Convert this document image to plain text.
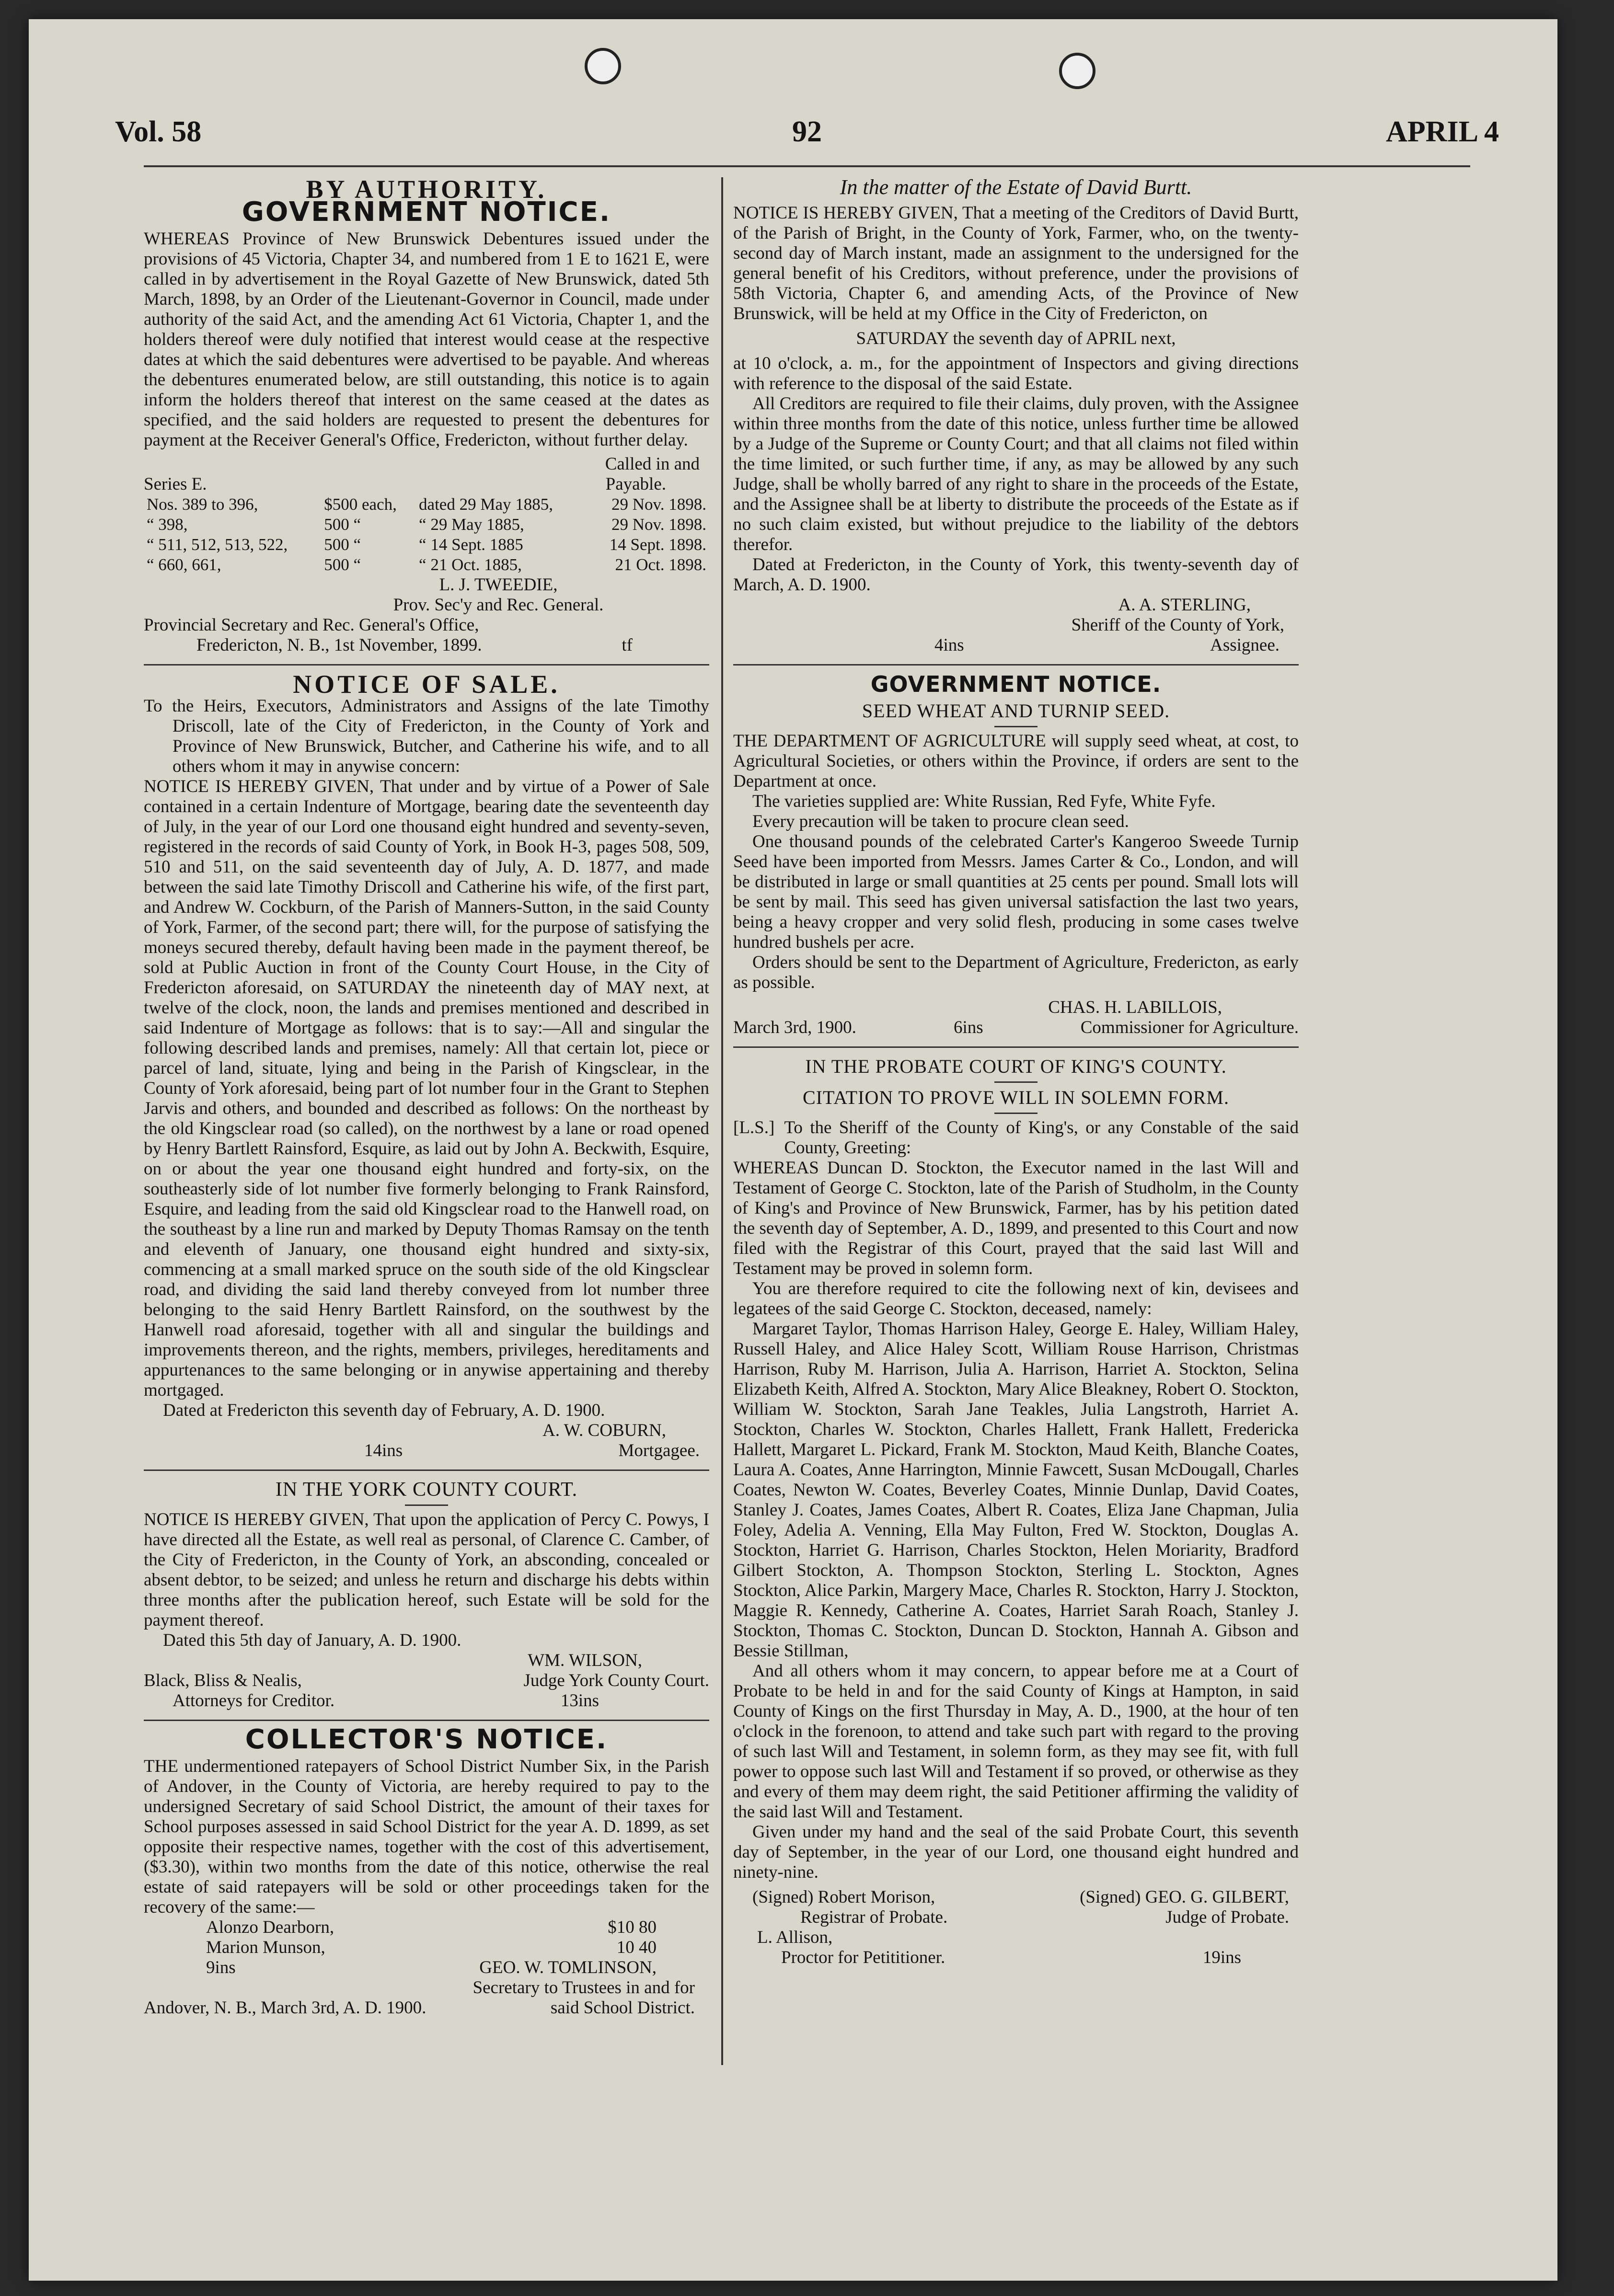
Vol. 58	92	APRIL 4
BY AUTHORITY.
GOVERNMENT NOTICE.

WHEREAS Province of New Brunswick Debentures issued under the provisions of 45 Victoria, Chapter 34, and numbered from 1 E to 1621 E, were called in by advertisement in the Royal Gazette of New Brunswick, dated 5th March, 1898, by an Order of the Lieutenant-Governor in Council, made under authority of the said Act, and the amending Act 61 Victoria, Chapter 1, and the holders thereof were duly notified that interest would cease at the respective dates at which the said debentures were advertised to be payable. And whereas the debentures enumerated below, are still outstanding, this notice is to again inform the holders thereof that interest on the same ceased at the dates as specified, and the said holders are requested to present the debentures for payment at the Receiver General's Office, Fredericton, without further delay.

Called in and
Series E.	Payable.
Nos. 389 to 396,	$500 each,	dated 29 May 1885,	29 Nov. 1898.
“ 398,	500 “	“ 29 May 1885,	29 Nov. 1898.
“ 511, 512, 513, 522,	500 “	“ 14 Sept. 1885	14 Sept. 1898.
“ 660, 661,	500 “	“ 21 Oct. 1885,	21 Oct. 1898.
L. J. TWEEDIE,
Prov. Sec'y and Rec. General.
Provincial Secretary and Rec. General's Office,
Fredericton, N. B., 1st November, 1899.	tf
NOTICE OF SALE.

To the Heirs, Executors, Administrators and Assigns of the late Timothy Driscoll, late of the City of Fredericton, in the County of York and Province of New Brunswick, Butcher, and Catherine his wife, and to all others whom it may in anywise concern:

NOTICE IS HEREBY GIVEN, That under and by virtue of a Power of Sale contained in a certain Indenture of Mortgage, bearing date the seventeenth day of July, in the year of our Lord one thousand eight hundred and seventy-seven, registered in the records of said County of York, in Book H-3, pages 508, 509, 510 and 511, on the said seventeenth day of July, A. D. 1877, and made between the said late Timothy Driscoll and Catherine his wife, of the first part, and Andrew W. Cockburn, of the Parish of Manners-Sutton, in the said County of York, Farmer, of the second part; there will, for the purpose of satisfying the moneys secured thereby, default having been made in the payment thereof, be sold at Public Auction in front of the County Court House, in the City of Fredericton aforesaid, on SATURDAY the nineteenth day of MAY next, at twelve of the clock, noon, the lands and premises mentioned and described in said Indenture of Mortgage as follows: that is to say:—All and singular the following described lands and premises, namely: All that certain lot, piece or parcel of land, situate, lying and being in the Parish of Kingsclear, in the County of York aforesaid, being part of lot number four in the Grant to Stephen Jarvis and others, and bounded and described as follows: On the northeast by the old Kingsclear road (so called), on the northwest by a lane or road opened by Henry Bartlett Rainsford, Esquire, as laid out by John A. Beckwith, Esquire, on or about the year one thousand eight hundred and forty-six, on the southeasterly side of lot number five formerly belonging to Frank Rainsford, Esquire, and leading from the said old Kingsclear road to the Hanwell road, on the southeast by a line run and marked by Deputy Thomas Ramsay on the tenth and eleventh of January, one thousand eight hundred and sixty-six, commencing at a small marked spruce on the south side of the old Kingsclear road, and dividing the said land thereby conveyed from lot number three belonging to the said Henry Bartlett Rainsford, on the southwest by the Hanwell road aforesaid, together with all and singular the buildings and improvements thereon, and the rights, members, privileges, hereditaments and appurtenances to the same belonging or in anywise appertaining and thereby mortgaged.

Dated at Fredericton this seventh day of February, A. D. 1900.

A. W. COBURN,
14ins	Mortgagee.
IN THE YORK COUNTY COURT.

NOTICE IS HEREBY GIVEN, That upon the application of Percy C. Powys, I have directed all the Estate, as well real as personal, of Clarence C. Camber, of the City of Fredericton, in the County of York, an absconding, concealed or absent debtor, to be seized; and unless he return and discharge his debts within three months after the publication hereof, such Estate will be sold for the payment thereof.

Dated this 5th day of January, A. D. 1900.

WM. WILSON,
Black, Bliss & Nealis,	Judge York County Court.
Attorneys for Creditor.	13ins
COLLECTOR'S NOTICE.

THE undermentioned ratepayers of School District Number Six, in the Parish of Andover, in the County of Victoria, are hereby required to pay to the undersigned Secretary of said School District, the amount of their taxes for School purposes assessed in said School District for the year A. D. 1899, as set opposite their respective names, together with the cost of this advertisement, ($3.30), within two months from the date of this notice, otherwise the real estate of said ratepayers will be sold or other proceedings taken for the recovery of the same:—

Alonzo Dearborn,	$10 80
Marion Munson,	10 40
9ins	GEO. W. TOMLINSON,
Secretary to Trustees in and for
Andover, N. B., March 3rd, A. D. 1900.	said School District.
In the matter of the Estate of David Burtt.

NOTICE IS HEREBY GIVEN, That a meeting of the Creditors of David Burtt, of the Parish of Bright, in the County of York, Farmer, who, on the twenty-second day of March instant, made an assignment to the undersigned for the general benefit of his Creditors, without preference, under the provisions of 58th Victoria, Chapter 6, and amending Acts, of the Province of New Brunswick, will be held at my Office in the City of Fredericton, on

SATURDAY the seventh day of APRIL next,

at 10 o'clock, a. m., for the appointment of Inspectors and giving directions with reference to the disposal of the said Estate.

All Creditors are required to file their claims, duly proven, with the Assignee within three months from the date of this notice, unless further time be allowed by a Judge of the Supreme or County Court; and that all claims not filed within the time limited, or such further time, if any, as may be allowed by any such Judge, shall be wholly barred of any right to share in the proceeds of the Estate, and the Assignee shall be at liberty to distribute the proceeds of the Estate as if no such claim existed, but without prejudice to the liability of the debtors therefor.

Dated at Fredericton, in the County of York, this twenty-seventh day of March, A. D. 1900.

A. A. STERLING,
Sheriff of the County of York,
4ins	Assignee.
GOVERNMENT NOTICE.
SEED WHEAT AND TURNIP SEED.

THE DEPARTMENT OF AGRICULTURE will supply seed wheat, at cost, to Agricultural Societies, or others within the Province, if orders are sent to the Department at once.

The varieties supplied are: White Russian, Red Fyfe, White Fyfe.

Every precaution will be taken to procure clean seed.

One thousand pounds of the celebrated Carter's Kangeroo Sweede Turnip Seed have been imported from Messrs. James Carter & Co., London, and will be distributed in large or small quantities at 25 cents per pound. Small lots will be sent by mail. This seed has given universal satisfaction the last two years, being a heavy cropper and very solid flesh, producing in some cases twelve hundred bushels per acre.

Orders should be sent to the Department of Agriculture, Fredericton, as early as possible.

CHAS. H. LABILLOIS,
March 3rd, 1900.	6ins	Commissioner for Agriculture.
IN THE PROBATE COURT OF KING'S COUNTY.
CITATION TO PROVE WILL IN SOLEMN FORM.
[L.S.] To the Sheriff of the County of King's, or any Constable of the said County, Greeting:

WHEREAS Duncan D. Stockton, the Executor named in the last Will and Testament of George C. Stockton, late of the Parish of Studholm, in the County of King's and Province of New Brunswick, Farmer, has by his petition dated the seventh day of September, A. D., 1899, and presented to this Court and now filed with the Registrar of this Court, prayed that the said last Will and Testament may be proved in solemn form.

You are therefore required to cite the following next of kin, devisees and legatees of the said George C. Stockton, deceased, namely:

Margaret Taylor, Thomas Harrison Haley, George E. Haley, William Haley, Russell Haley, and Alice Haley Scott, William Rouse Harrison, Christmas Harrison, Ruby M. Harrison, Julia A. Harrison, Harriet A. Stockton, Selina Elizabeth Keith, Alfred A. Stockton, Mary Alice Bleakney, Robert O. Stockton, William W. Stockton, Sarah Jane Teakles, Julia Langstroth, Harriet A. Stockton, Charles W. Stockton, Charles Hallett, Frank Hallett, Fredericka Hallett, Margaret L. Pickard, Frank M. Stockton, Maud Keith, Blanche Coates, Laura A. Coates, Anne Harrington, Minnie Fawcett, Susan McDougall, Charles Coates, Newton W. Coates, Beverley Coates, Minnie Dunlap, David Coates, Stanley J. Coates, James Coates, Albert R. Coates, Eliza Jane Chapman, Julia Foley, Adelia A. Venning, Ella May Fulton, Fred W. Stockton, Douglas A. Stockton, Harriet G. Harrison, Charles Stockton, Helen Moriarity, Bradford Gilbert Stockton, A. Thompson Stockton, Sterling L. Stockton, Agnes Stockton, Alice Parkin, Margery Mace, Charles R. Stockton, Harry J. Stockton, Maggie R. Kennedy, Catherine A. Coates, Harriet Sarah Roach, Stanley J. Stockton, Thomas C. Stockton, Duncan D. Stockton, Hannah A. Gibson and Bessie Stillman,

And all others whom it may concern, to appear before me at a Court of Probate to be held in and for the said County of Kings at Hampton, in said County of Kings on the first Thursday in May, A. D., 1900, at the hour of ten o'clock in the forenoon, to attend and take such part with regard to the proving of such last Will and Testament, in solemn form, as they may see fit, with full power to oppose such last Will and Testament if so proved, or otherwise as they and every of them may deem right, the said Petitioner affirming the validity of the said last Will and Testament.

Given under my hand and the seal of the said Probate Court, this seventh day of September, in the year of our Lord, one thousand eight hundred and ninety-nine.

(Signed) Robert Morison,	(Signed) GEO. G. GILBERT,
Registrar of Probate.	Judge of Probate.
L. Allison,
Proctor for Petititioner.	19ins
